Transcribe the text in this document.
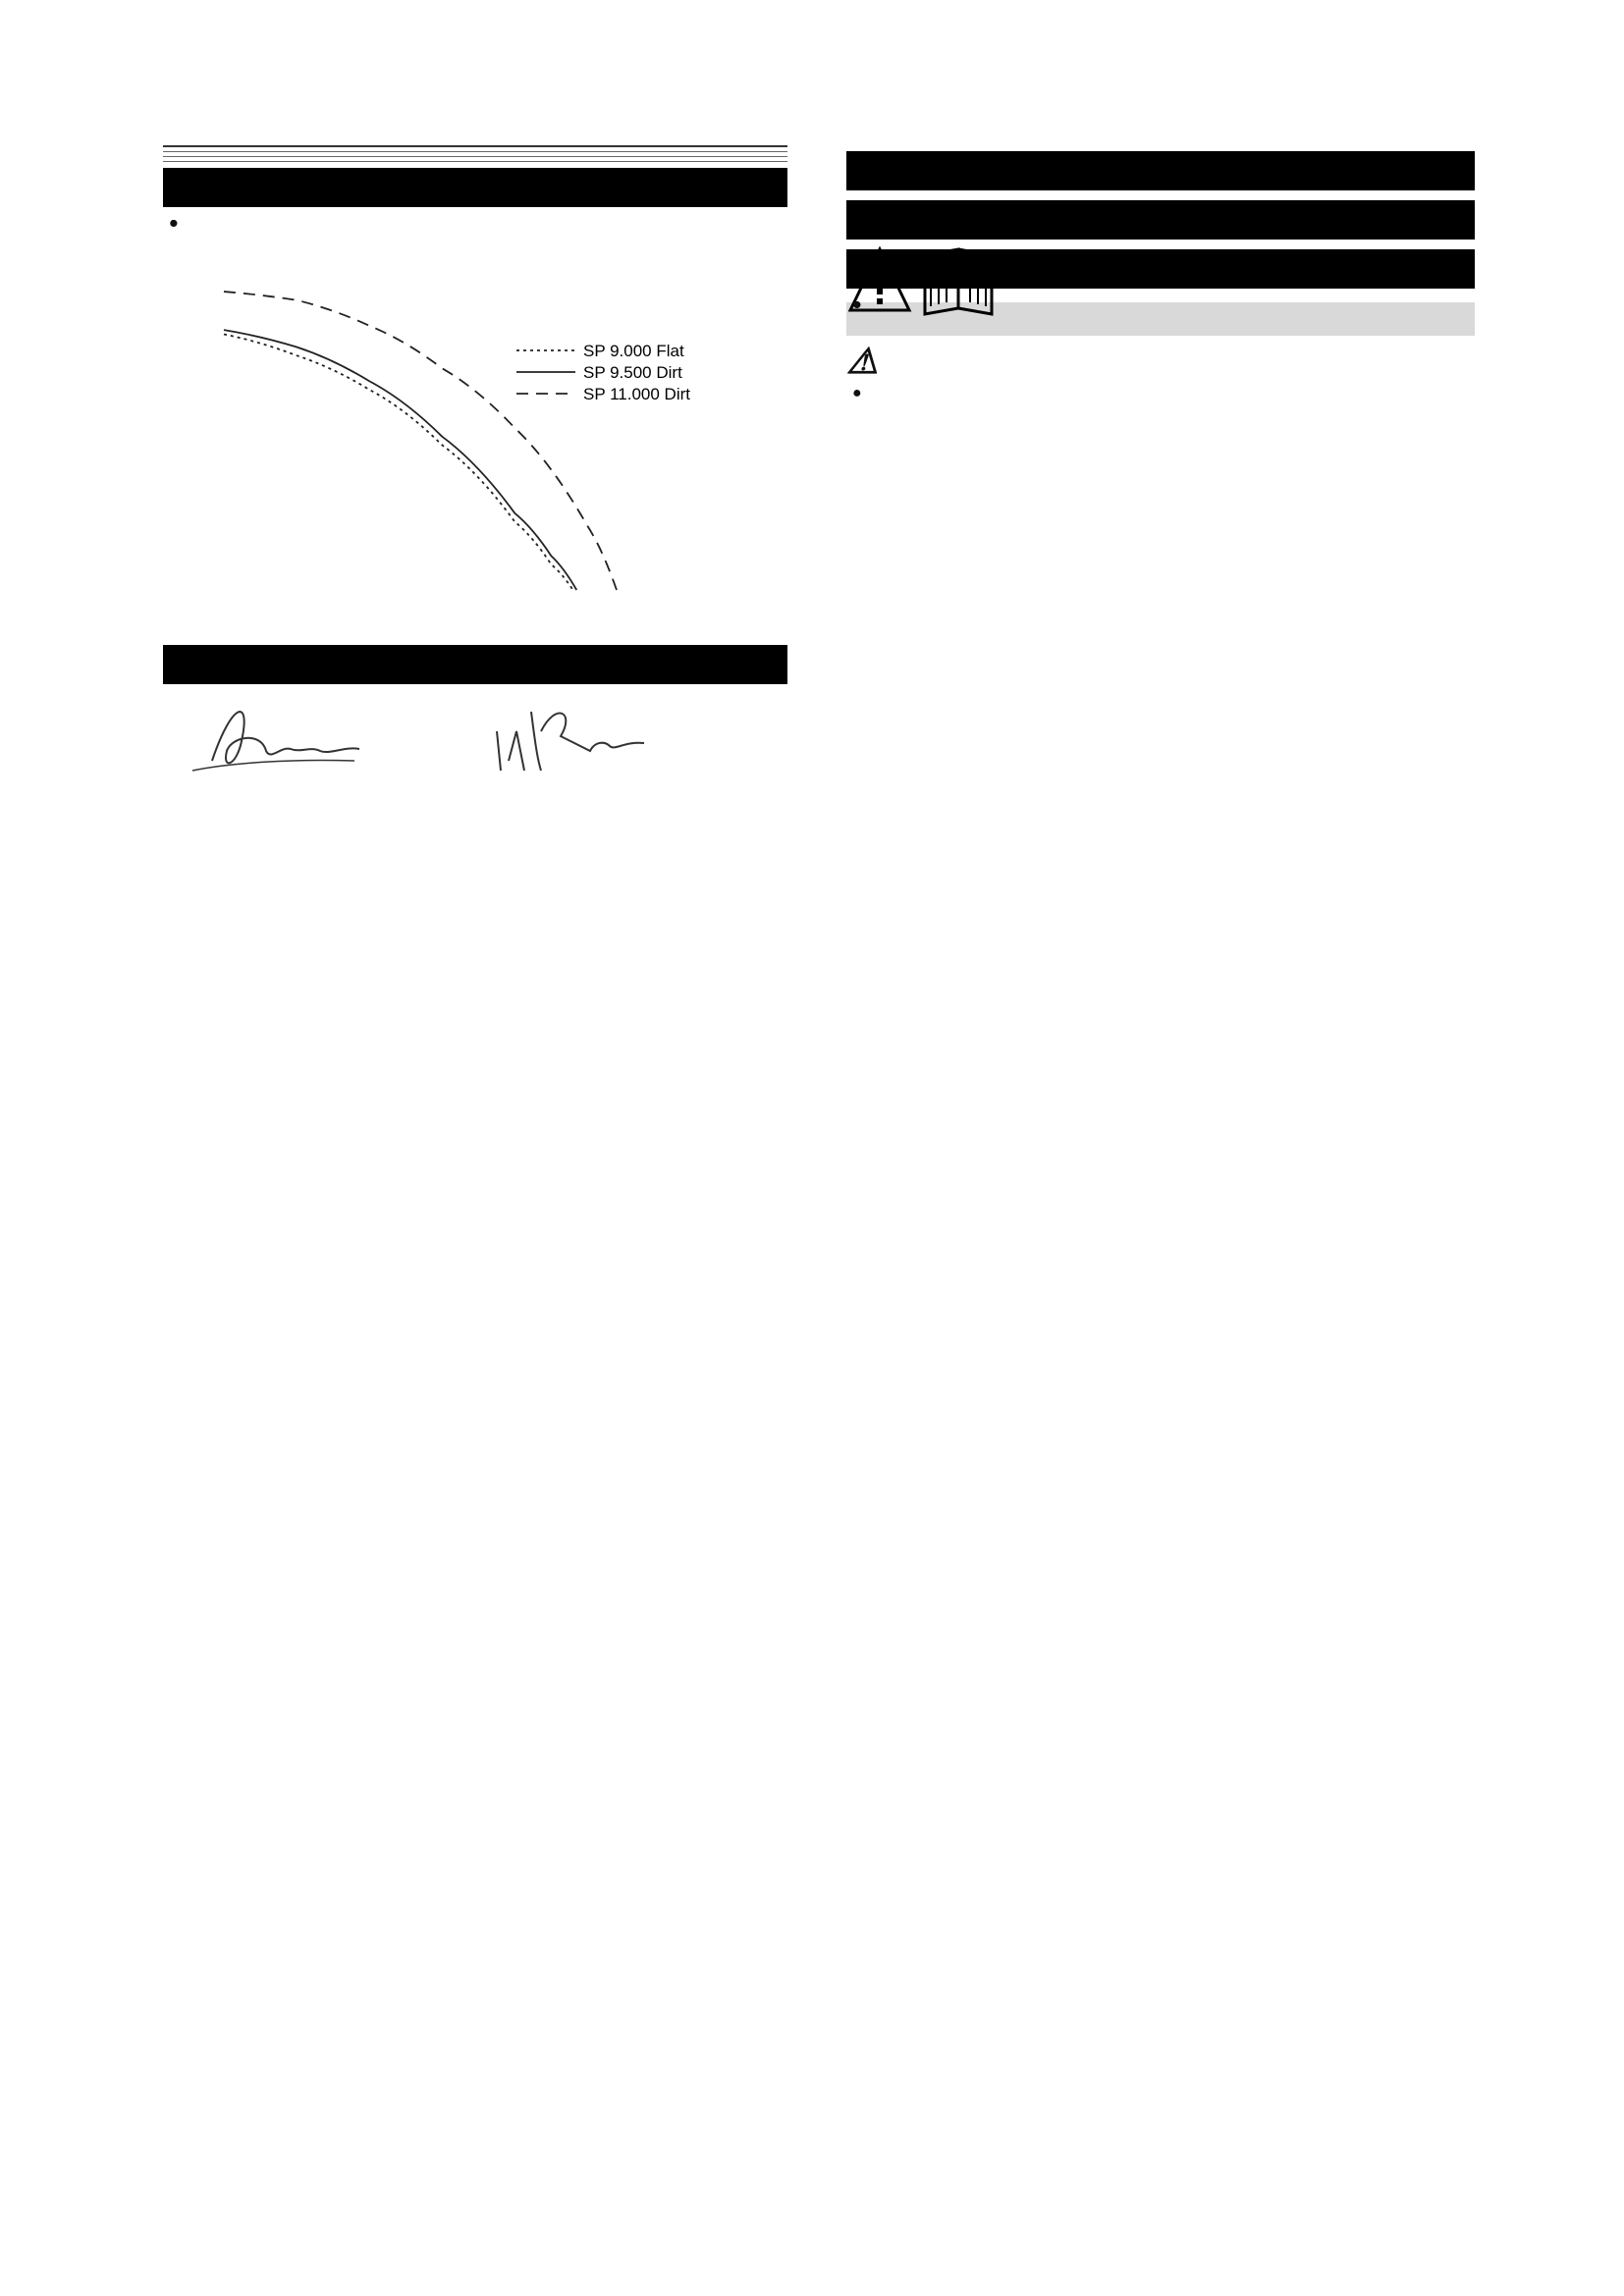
SP 9.000 Flat
SP 9.500 Dirt
SP 11.000 Dirt

⚠
